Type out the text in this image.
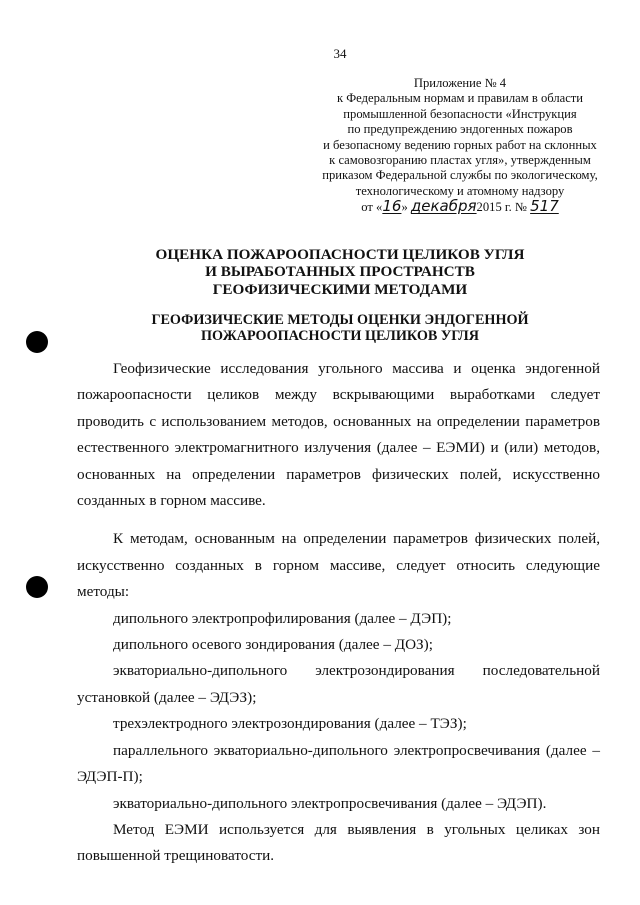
34
Приложение № 4
к Федеральным нормам и правилам в области
промышленной безопасности «Инструкция
по предупреждению эндогенных пожаров
и безопасному ведению горных работ на склонных
к самовозгоранию пластах угля», утвержденным
приказом Федеральной службы по экологическому,
технологическому и атомному надзору
от «16» декабря2015 г. № 517
ОЦЕНКА ПОЖАРООПАСНОСТИ ЦЕЛИКОВ УГЛЯ
И ВЫРАБОТАННЫХ ПРОСТРАНСТВ
ГЕОФИЗИЧЕСКИМИ МЕТОДАМИ
ГЕОФИЗИЧЕСКИЕ МЕТОДЫ ОЦЕНКИ ЭНДОГЕННОЙ
ПОЖАРООПАСНОСТИ ЦЕЛИКОВ УГЛЯ

Геофизические исследования угольного массива и оценка эндогенной пожароопасности целиков между вскрывающими выработками следует проводить с использованием методов, основанных на определении параметров естественного электромагнитного излучения (далее – ЕЭМИ) и (или) методов, основанных на определении параметров физических полей, искусственно созданных в горном массиве.

К методам, основанным на определении параметров физических полей, искусственно созданных в горном массиве, следует относить следующие методы:

дипольного электропрофилирования (далее – ДЭП);

дипольного осевого зондирования (далее – ДОЗ);

экваториально-дипольного электрозондирования последовательной установкой (далее – ЭДЭЗ);

трехэлектродного электрозондирования (далее – ТЭЗ);

параллельного экваториально-дипольного электропросвечивания (далее – ЭДЭП-П);

экваториально-дипольного электропросвечивания (далее – ЭДЭП).

Метод ЕЭМИ используется для выявления в угольных целиках зон повышенной трещиноватости.
